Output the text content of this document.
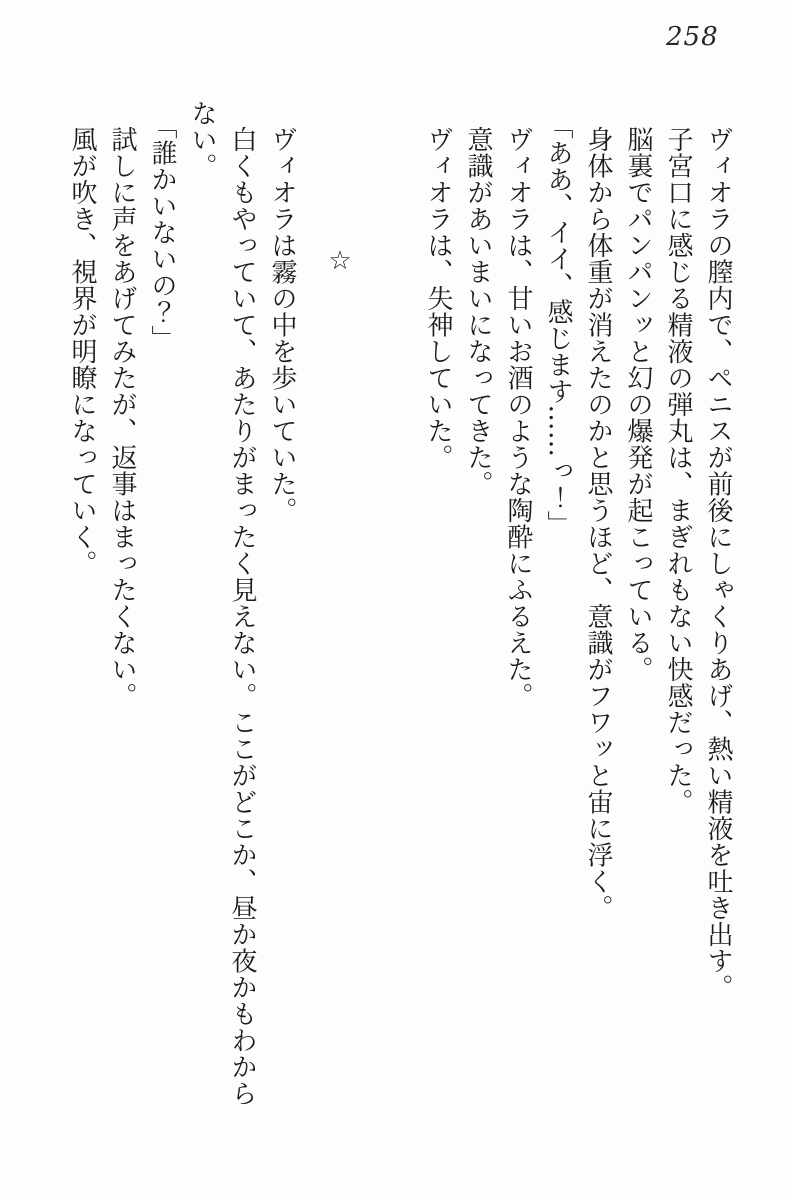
258

ヴィオラの膣内で、ペニスが前後にしゃくりあげ、熱い精液を吐き出す。

子宮口に感じる精液の弾丸は、まぎれもない快感だった。

脳裏でパンパンッと幻の爆発が起こっている。

身体から体重が消えたのかと思うほど、意識がフワッと宙に浮く。

「ああ、イイ、感じます……っ！」

ヴィオラは、甘いお酒のような陶酔にふるえた。

意識があいまいになってきた。

ヴィオラは、失神していた。

☆

ヴィオラは霧の中を歩いていた。

白くもやっていて、あたりがまったく見えない。ここがどこか、昼か夜かもわから

ない。

「誰かいないの？」

試しに声をあげてみたが、返事はまったくない。

風が吹き、視界が明瞭になっていく。
